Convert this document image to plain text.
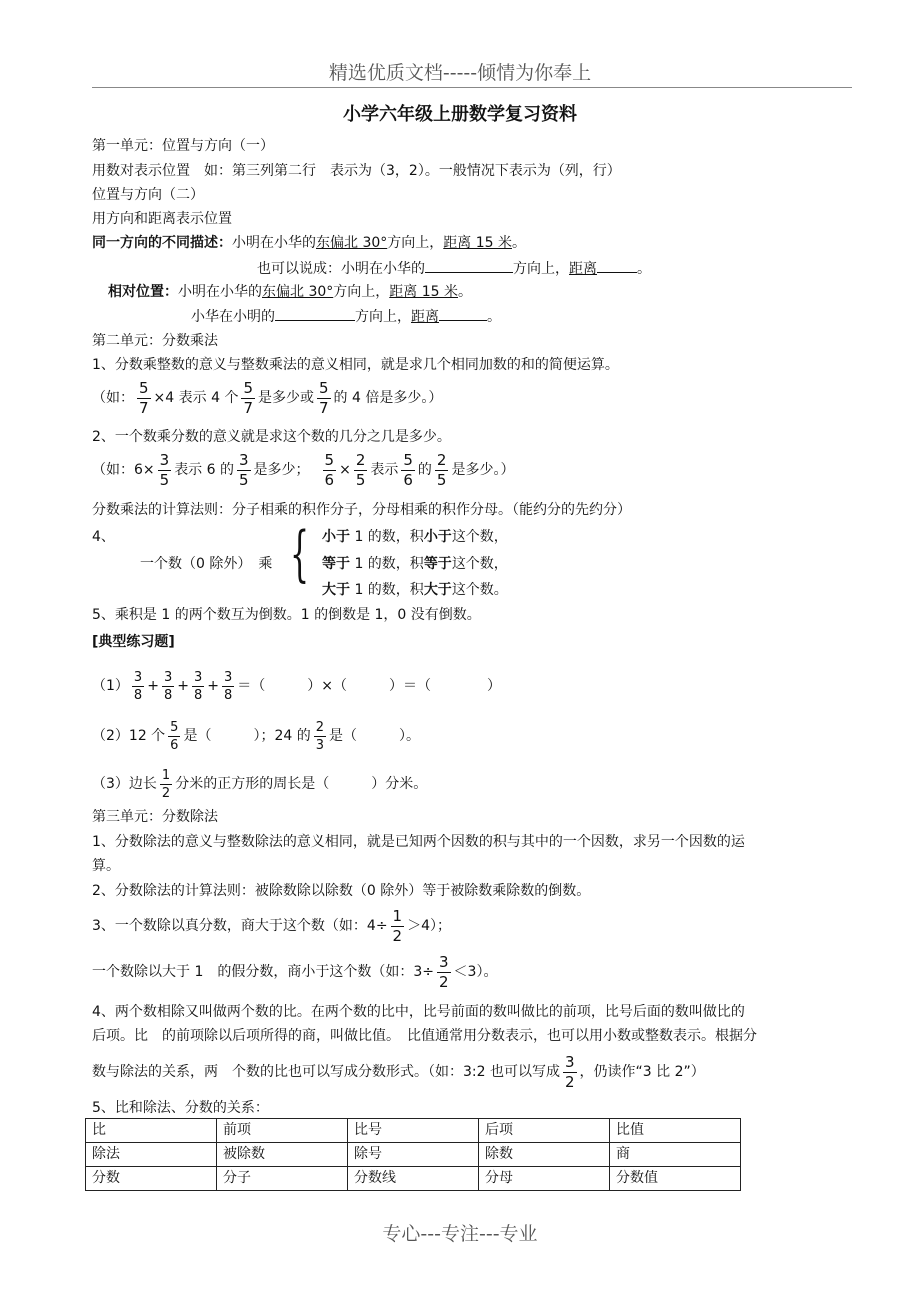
精选优质文档-----倾情为你奉上
小学六年级上册数学复习资料
第一单元：位置与方向（一）
用数对表示位置　如：第三列第二行　表示为（3，2）。一般情况下表示为（列，行）
位置与方向（二）
用方向和距离表示位置
同一方向的不同描述：小明在小华的东偏北 30°方向上，距离 15 米。
也可以说成：小明在小华的	方向上，距离	。
相对位置：小明在小华的东偏北 30°方向上，距离 15 米。
小华在小明的	方向上，距离	。
第二单元：分数乘法
1、分数乘整数的意义与整数乘法的意义相同，就是求几个相同加数的和的简便运算。
（如： $\frac{5}{7} \times 4$ 表示 4 个 $\frac{5}{7}$ 是多少或 $\frac{5}{7}$ 的 4 倍是多少。）
2、一个数乘分数的意义就是求这个数的几分之几是多少。
（如：$6\times \frac{3}{5}$ 表示 6 的 $\frac{3}{5}$ 是多少； $\frac{5}{6} \times \frac{2}{5}$ 表示 $\frac{5}{6}$ 的 $\frac{2}{5}$ 是多少。）
分数乘法的计算法则：分子相乘的积作分子，分母相乘的积作分母。（能约分的先约分）
4、
一个数（0 除外）　乘 { 小于 1 的数，积小于这个数，
等于 1 的数，积等于这个数，
大于 1 的数，积大于这个数。
5、乘积是 1 的两个数互为倒数。1 的倒数是 1，0 没有倒数。
[典型练习题]
$(1) \frac{3}{8} + \frac{3}{8} + \frac{3}{8} + \frac{3}{8}$ ＝（　　　）×（　　　）＝（　　　　）
（2）12 个 $\frac{5}{6}$ 是（　　　）；24 的 $\frac{2}{3}$ 是（　　　）。
（3）边长 $\frac{1}{2}$ 分米的正方形的周长是（　　　）分米。
第三单元：分数除法
1、分数除法的意义与整数除法的意义相同，就是已知两个因数的积与其中的一个因数，求另一个因数的运
算。
2、分数除法的计算法则：被除数除以除数（0 除外）等于被除数乘除数的倒数。
3、一个数除以真分数，商大于这个数（如：$4\div \frac{1}{2} >4$）；
一个数除以大于 1　的假分数，商小于这个数（如：$3\div \frac{3}{2} <3$）。
4、两个数相除又叫做两个数的比。在两个数的比中，比号前面的数叫做比的前项，比号后面的数叫做比的
后项。比　的前项除以后项所得的商，叫做比值。　比值通常用分数表示，也可以用小数或整数表示。根据分
数与除法的关系，两　个数的比也可以写成分数形式。（如：3:2 也可以写成 $\frac{3}{2}$ ，仍读作“3 比 2”）
5、比和除法、分数的关系：
比	前项	比号	后项	比值
除法	被除数	除号	除数	商
分数	分子	分数线	分母	分数值
专心---专注---专业
